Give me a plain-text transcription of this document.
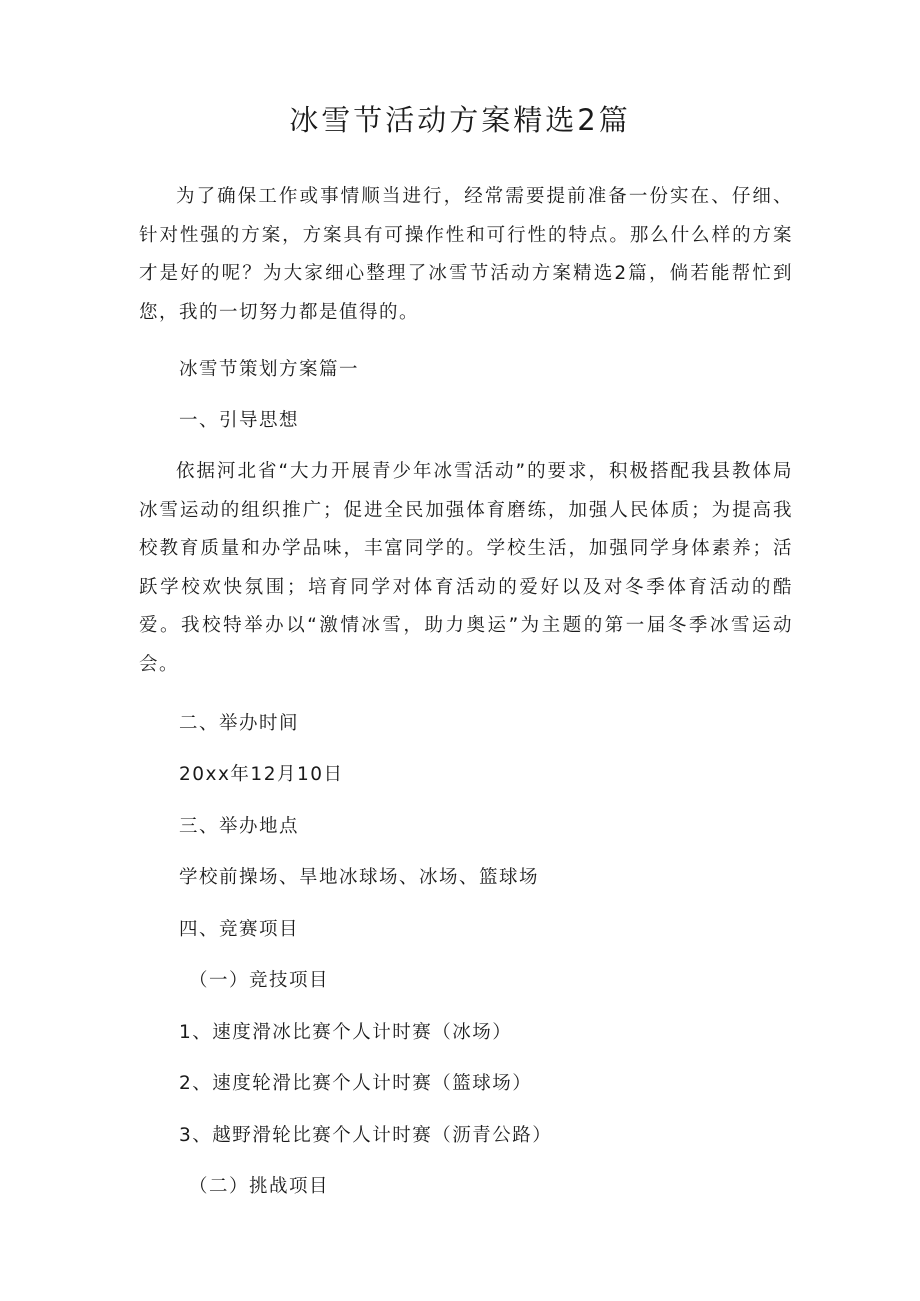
冰雪节活动方案精选2篇

为了确保工作或事情顺当进行，经常需要提前准备一份实在、仔细、针对性强的方案，方案具有可操作性和可行性的特点。那么什么样的方案才是好的呢？为大家细心整理了冰雪节活动方案精选2篇，倘若能帮忙到您，我的一切努力都是值得的。

冰雪节策划方案篇一

一、引导思想

依据河北省“大力开展青少年冰雪活动”的要求，积极搭配我县教体局冰雪运动的组织推广；促进全民加强体育磨练，加强人民体质；为提高我校教育质量和办学品味，丰富同学的。学校生活，加强同学身体素养；活跃学校欢快氛围；培育同学对体育活动的爱好以及对冬季体育活动的酷爱。我校特举办以“激情冰雪，助力奥运”为主题的第一届冬季冰雪运动会。

二、举办时间

20xx年12月10日

三、举办地点

学校前操场、旱地冰球场、冰场、篮球场

四、竞赛项目

（一）竞技项目

1、速度滑冰比赛个人计时赛（冰场）

2、速度轮滑比赛个人计时赛（篮球场）

3、越野滑轮比赛个人计时赛（沥青公路）

（二）挑战项目
